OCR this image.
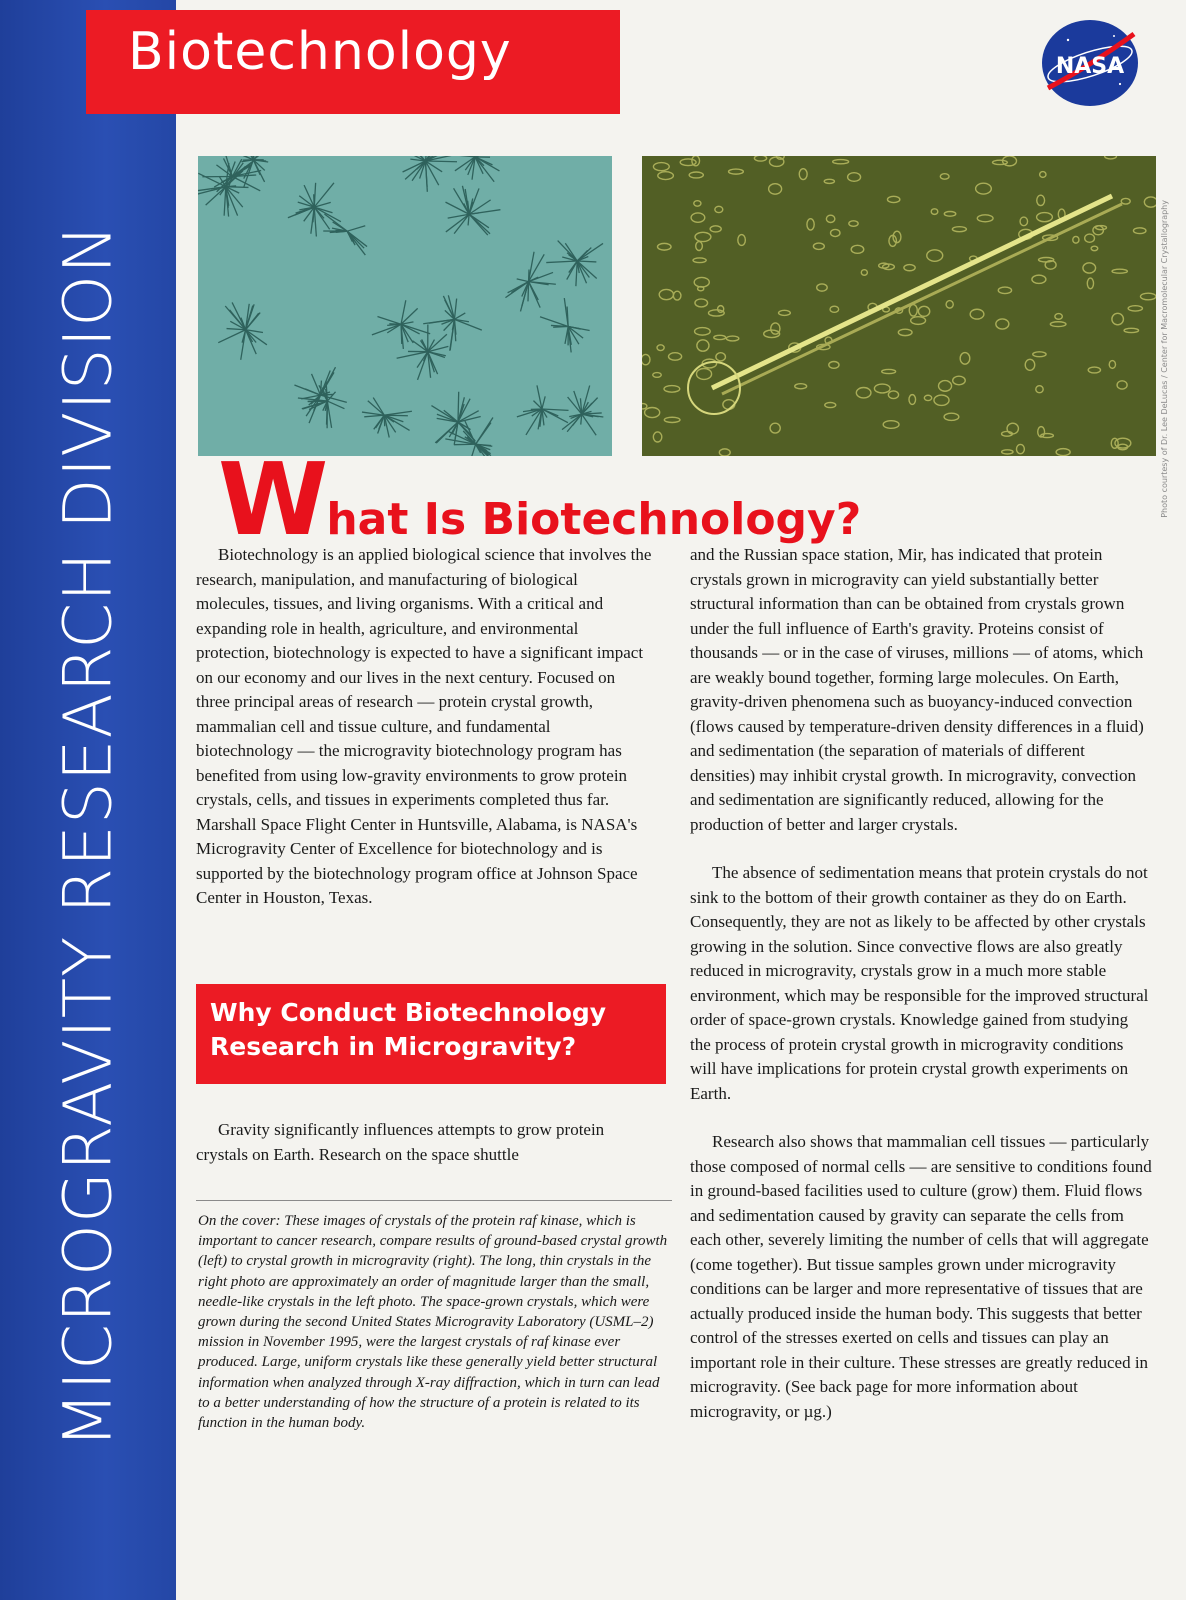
MICROGRAVITY RESEARCH DIVISION
Biotechnology	NASA
Photo courtesy of Dr. Lee DeLucas / Center for Macromolecular Crystallography
What Is Biotechnology?

Biotechnology is an applied biological science that involves the research, manipulation, and manufacturing of biological molecules, tissues, and living organisms. With a critical and expanding role in health, agriculture, and environmental protection, biotechnology is expected to have a significant impact on our economy and our lives in the next century. Focused on three principal areas of research — protein crystal growth, mammalian cell and tissue culture, and fundamental biotechnology — the microgravity biotechnology program has benefited from using low-gravity environments to grow protein crystals, cells, and tissues in experiments completed thus far. Marshall Space Flight Center in Huntsville, Alabama, is NASA's Microgravity Center of Excellence for biotechnology and is supported by the biotechnology program office at Johnson Space Center in Houston, Texas.

Why Conduct Biotechnology Research in Microgravity?

Gravity significantly influences attempts to grow protein crystals on Earth. Research on the space shuttle

On the cover: These images of crystals of the protein raf kinase, which is important to cancer research, compare results of ground-based crystal growth (left) to crystal growth in microgravity (right). The long, thin crystals in the right photo are approximately an order of magnitude larger than the small, needle-like crystals in the left photo. The space-grown crystals, which were grown during the second United States Microgravity Laboratory (USML–2) mission in November 1995, were the largest crystals of raf kinase ever produced. Large, uniform crystals like these generally yield better structural information when analyzed through X-ray diffraction, which in turn can lead to a better understanding of how the structure of a protein is related to its function in the human body.

and the Russian space station, Mir, has indicated that protein crystals grown in microgravity can yield substantially better structural information than can be obtained from crystals grown under the full influence of Earth's gravity. Proteins consist of thousands — or in the case of viruses, millions — of atoms, which are weakly bound together, forming large molecules. On Earth, gravity-driven phenomena such as buoyancy-induced convection (flows caused by temperature-driven density differences in a fluid) and sedimentation (the separation of materials of different densities) may inhibit crystal growth. In microgravity, convection and sedimentation are significantly reduced, allowing for the production of better and larger crystals.

The absence of sedimentation means that protein crystals do not sink to the bottom of their growth container as they do on Earth. Consequently, they are not as likely to be affected by other crystals growing in the solution. Since convective flows are also greatly reduced in microgravity, crystals grow in a much more stable environment, which may be responsible for the improved structural order of space-grown crystals. Knowledge gained from studying the process of protein crystal growth in microgravity conditions will have implications for protein crystal growth experiments on Earth.

Research also shows that mammalian cell tissues — particularly those composed of normal cells — are sensitive to conditions found in ground-based facilities used to culture (grow) them. Fluid flows and sedimentation caused by gravity can separate the cells from each other, severely limiting the number of cells that will aggregate (come together). But tissue samples grown under microgravity conditions can be larger and more representative of tissues that are actually produced inside the human body. This suggests that better control of the stresses exerted on cells and tissues can play an important role in their culture. These stresses are greatly reduced in microgravity. (See back page for more information about microgravity, or µg.)
